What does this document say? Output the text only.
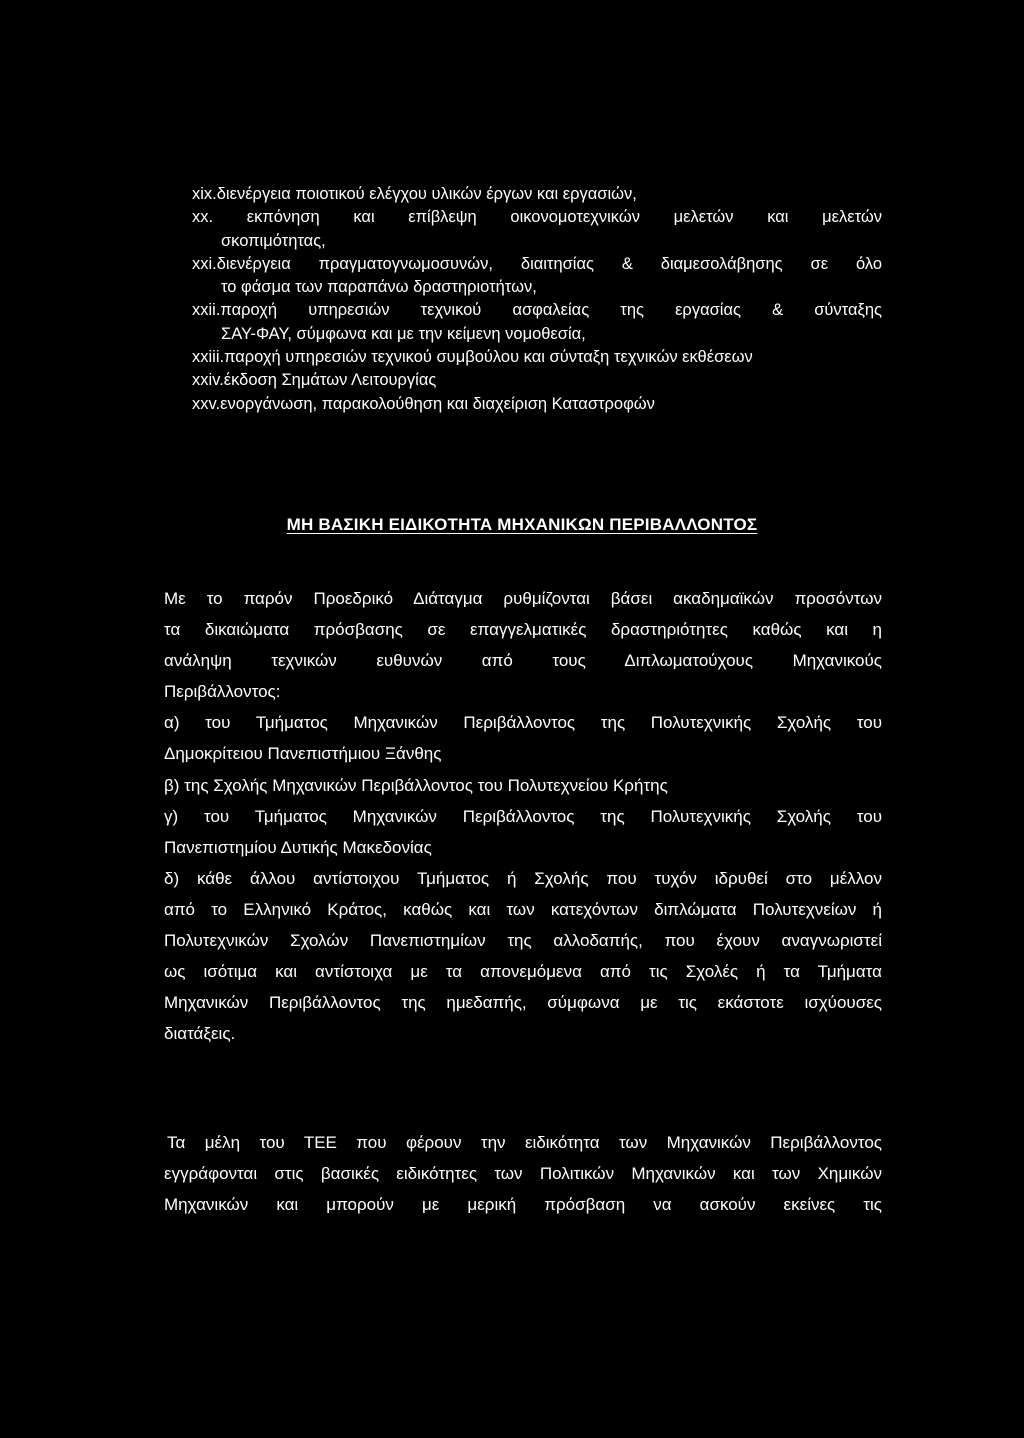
xix.διενέργεια ποιοτικού ελέγχου υλικών έργων και εργασιών,
xx. εκπόνηση και επίβλεψη οικονομοτεχνικών μελετών και μελετών
σκοπιμότητας,
xxi.διενέργεια πραγματογνωμοσυνών, διαιτησίας & διαμεσολάβησης σε όλο
το φάσμα των παραπάνω δραστηριοτήτων,
xxii.παροχή υπηρεσιών τεχνικού ασφαλείας της εργασίας & σύνταξης
ΣΑΥ-ΦΑΥ, σύμφωνα και με την κείμενη νομοθεσία,
xxiii.παροχή υπηρεσιών τεχνικού συμβούλου και σύνταξη τεχνικών εκθέσεων
xxiv.έκδοση Σημάτων Λειτουργίας
xxv.ενοργάνωση, παρακολούθηση και διαχείριση Καταστροφών
ΜΗ ΒΑΣΙΚΗ ΕΙΔΙΚΟΤΗΤΑ ΜΗΧΑΝΙΚΩΝ ΠΕΡΙΒΑΛΛΟΝΤΟΣ
Με το παρόν Προεδρικό Διάταγμα ρυθμίζονται βάσει ακαδημαϊκών προσόντων
τα δικαιώματα πρόσβασης σε επαγγελματικές δραστηριότητες καθώς και η
ανάληψη τεχνικών ευθυνών από τους Διπλωματούχους Μηχανικούς
Περιβάλλοντος:
α) του Τμήματος Μηχανικών Περιβάλλοντος της Πολυτεχνικής Σχολής του
Δημοκρίτειου Πανεπιστήμιου Ξάνθης
β) της Σχολής Μηχανικών Περιβάλλοντος του Πολυτεχνείου Κρήτης
γ) του Τμήματος Μηχανικών Περιβάλλοντος της Πολυτεχνικής Σχολής του
Πανεπιστημίου Δυτικής Μακεδονίας
δ) κάθε άλλου αντίστοιχου Τμήματος ή Σχολής που τυχόν ιδρυθεί στο μέλλον
από το Ελληνικό Κράτος, καθώς και των κατεχόντων διπλώματα Πολυτεχνείων ή
Πολυτεχνικών Σχολών Πανεπιστημίων της αλλοδαπής, που έχουν αναγνωριστεί
ως ισότιμα και αντίστοιχα με τα απονεμόμενα από τις Σχολές ή τα Τμήματα
Μηχανικών Περιβάλλοντος της ημεδαπής, σύμφωνα με τις εκάστοτε ισχύουσες
διατάξεις.
Τα μέλη του ΤΕΕ που φέρουν την ειδικότητα των Μηχανικών Περιβάλλοντος
εγγράφονται στις βασικές ειδικότητες των Πολιτικών Μηχανικών και των Χημικών
Μηχανικών και μπορούν με μερική πρόσβαση να ασκούν εκείνες τις
